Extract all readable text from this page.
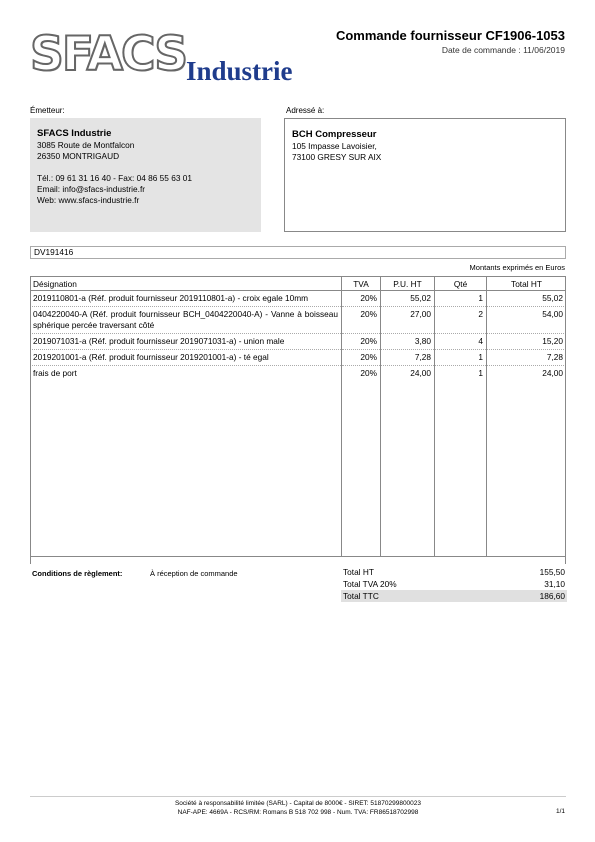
SFACS Industrie
Commande fournisseur CF1906-1053
Date de commande : 11/06/2019
Émetteur:	Adressé à:
SFACS Industrie
3085 Route de Montfalcon
26350 MONTRIGAUD
Tél.: 09 61 31 16 40 - Fax: 04 86 55 63 01
Email: info@sfacs-industrie.fr
Web: www.sfacs-industrie.fr
BCH Compresseur
105 Impasse Lavoisier,
73100 GRESY SUR AIX
DV191416
Montants exprimés en Euros
Désignation	TVA	P.U. HT	Qté	Total HT
2019110801-a (Réf. produit fournisseur 2019110801-a) - croix egale 10mm	20%	55,02	1	55,02
0404220040-A (Réf. produit fournisseur BCH_0404220040-A) - Vanne à boisseau sphérique percée traversant côté	20%	27,00	2	54,00
2019071031-a (Réf. produit fournisseur 2019071031-a) - union male	20%	3,80	4	15,20
2019201001-a (Réf. produit fournisseur 2019201001-a) - té egal	20%	7,28	1	7,28
frais de port	20%	24,00	1	24,00
Conditions de règlement:	À réception de commande	Total HT	155,50
Total TVA 20%	31,10
Total TTC	186,60
Société à responsabilité limitée (SARL) - Capital de 8000€ - SIRET: 51870299800023
NAF-APE: 4669A - RCS/RM: Romans B 518 702 998 - Num. TVA: FR86518702998	1/1
